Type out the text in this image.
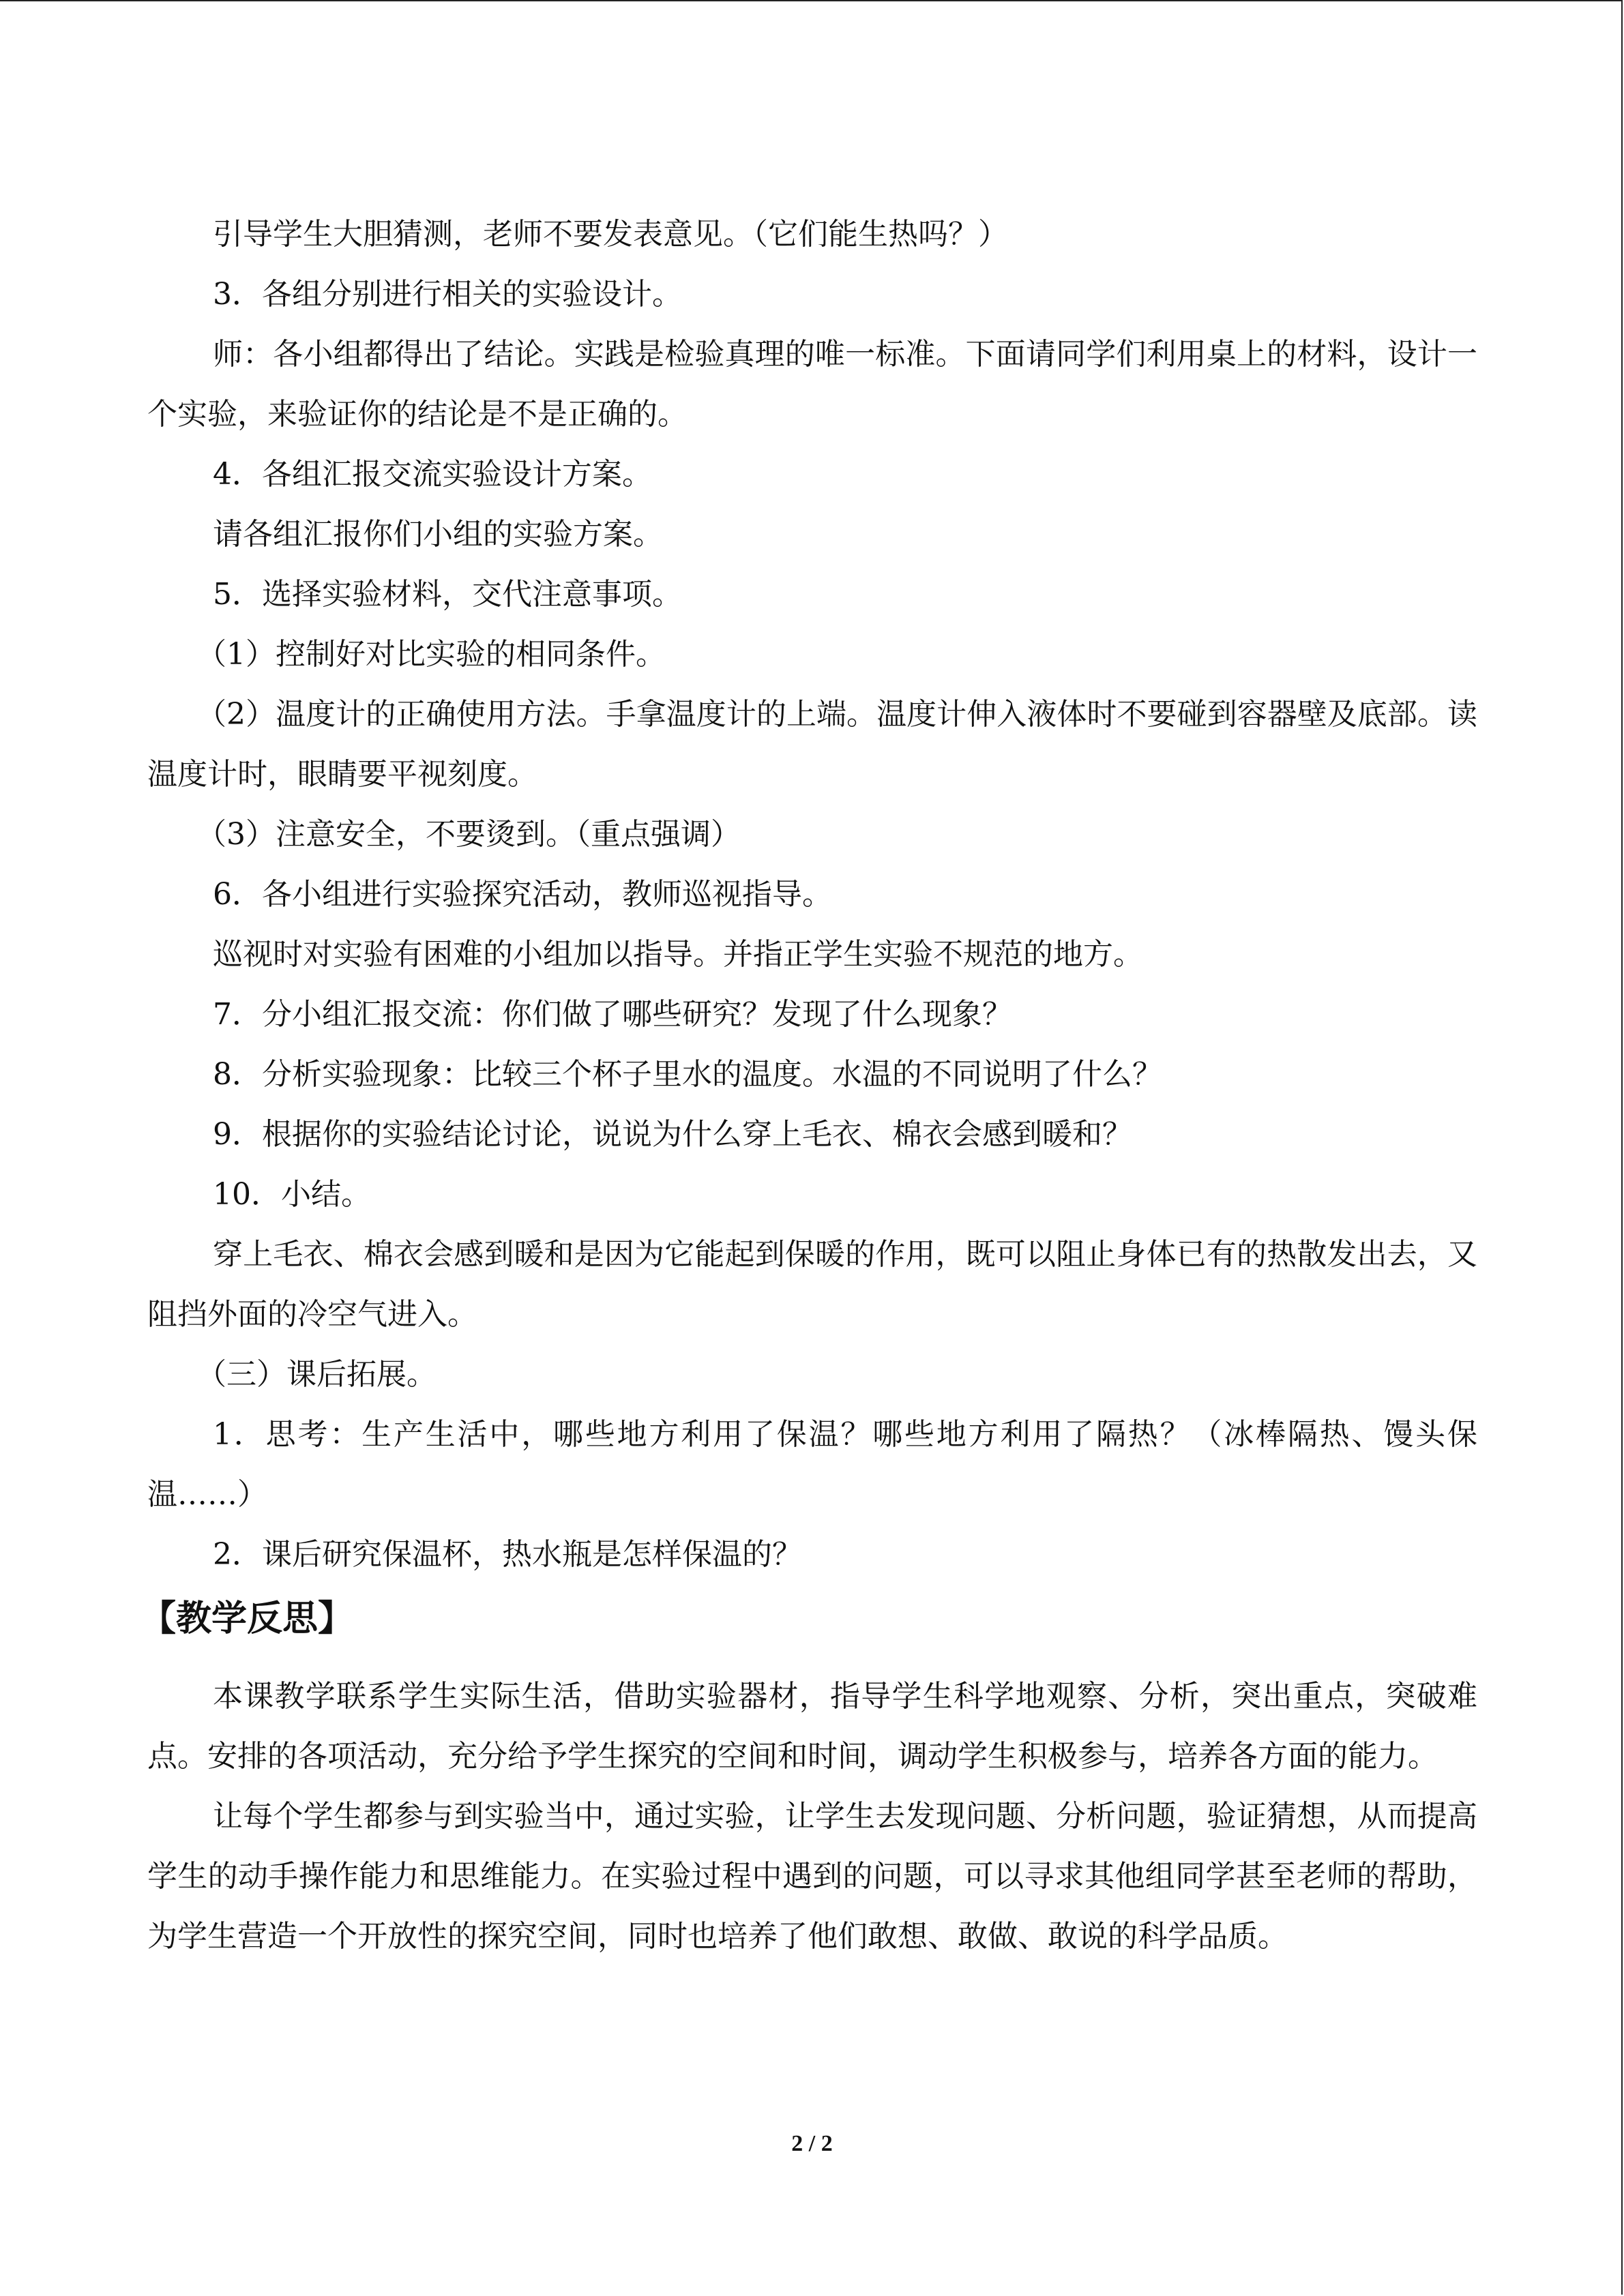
引导学生大胆猜测，老师不要发表意见。（它们能生热吗？）

3．各组分别进行相关的实验设计。

师：各小组都得出了结论。实践是检验真理的唯一标准。下面请同学们利用桌上的材料，设计一个实验，来验证你的结论是不是正确的。

4．各组汇报交流实验设计方案。

请各组汇报你们小组的实验方案。

5．选择实验材料，交代注意事项。

（1）控制好对比实验的相同条件。

（2）温度计的正确使用方法。手拿温度计的上端。温度计伸入液体时不要碰到容器壁及底部。读温度计时，眼睛要平视刻度。

（3）注意安全，不要烫到。（重点强调）

6．各小组进行实验探究活动，教师巡视指导。

巡视时对实验有困难的小组加以指导。并指正学生实验不规范的地方。

7．分小组汇报交流：你们做了哪些研究？发现了什么现象？

8．分析实验现象：比较三个杯子里水的温度。水温的不同说明了什么？

9．根据你的实验结论讨论，说说为什么穿上毛衣、棉衣会感到暖和？

10．小结。

穿上毛衣、棉衣会感到暖和是因为它能起到保暖的作用，既可以阻止身体已有的热散发出去，又阻挡外面的冷空气进入。

（三）课后拓展。

1．思考：生产生活中，哪些地方利用了保温？哪些地方利用了隔热？（冰棒隔热、馒头保温……）

2．课后研究保温杯，热水瓶是怎样保温的？

【教学反思】

本课教学联系学生实际生活，借助实验器材，指导学生科学地观察、分析，突出重点，突破难点。安排的各项活动，充分给予学生探究的空间和时间，调动学生积极参与，培养各方面的能力。

让每个学生都参与到实验当中，通过实验，让学生去发现问题、分析问题，验证猜想，从而提高学生的动手操作能力和思维能力。在实验过程中遇到的问题，可以寻求其他组同学甚至老师的帮助，为学生营造一个开放性的探究空间，同时也培养了他们敢想、敢做、敢说的科学品质。

2 / 2
